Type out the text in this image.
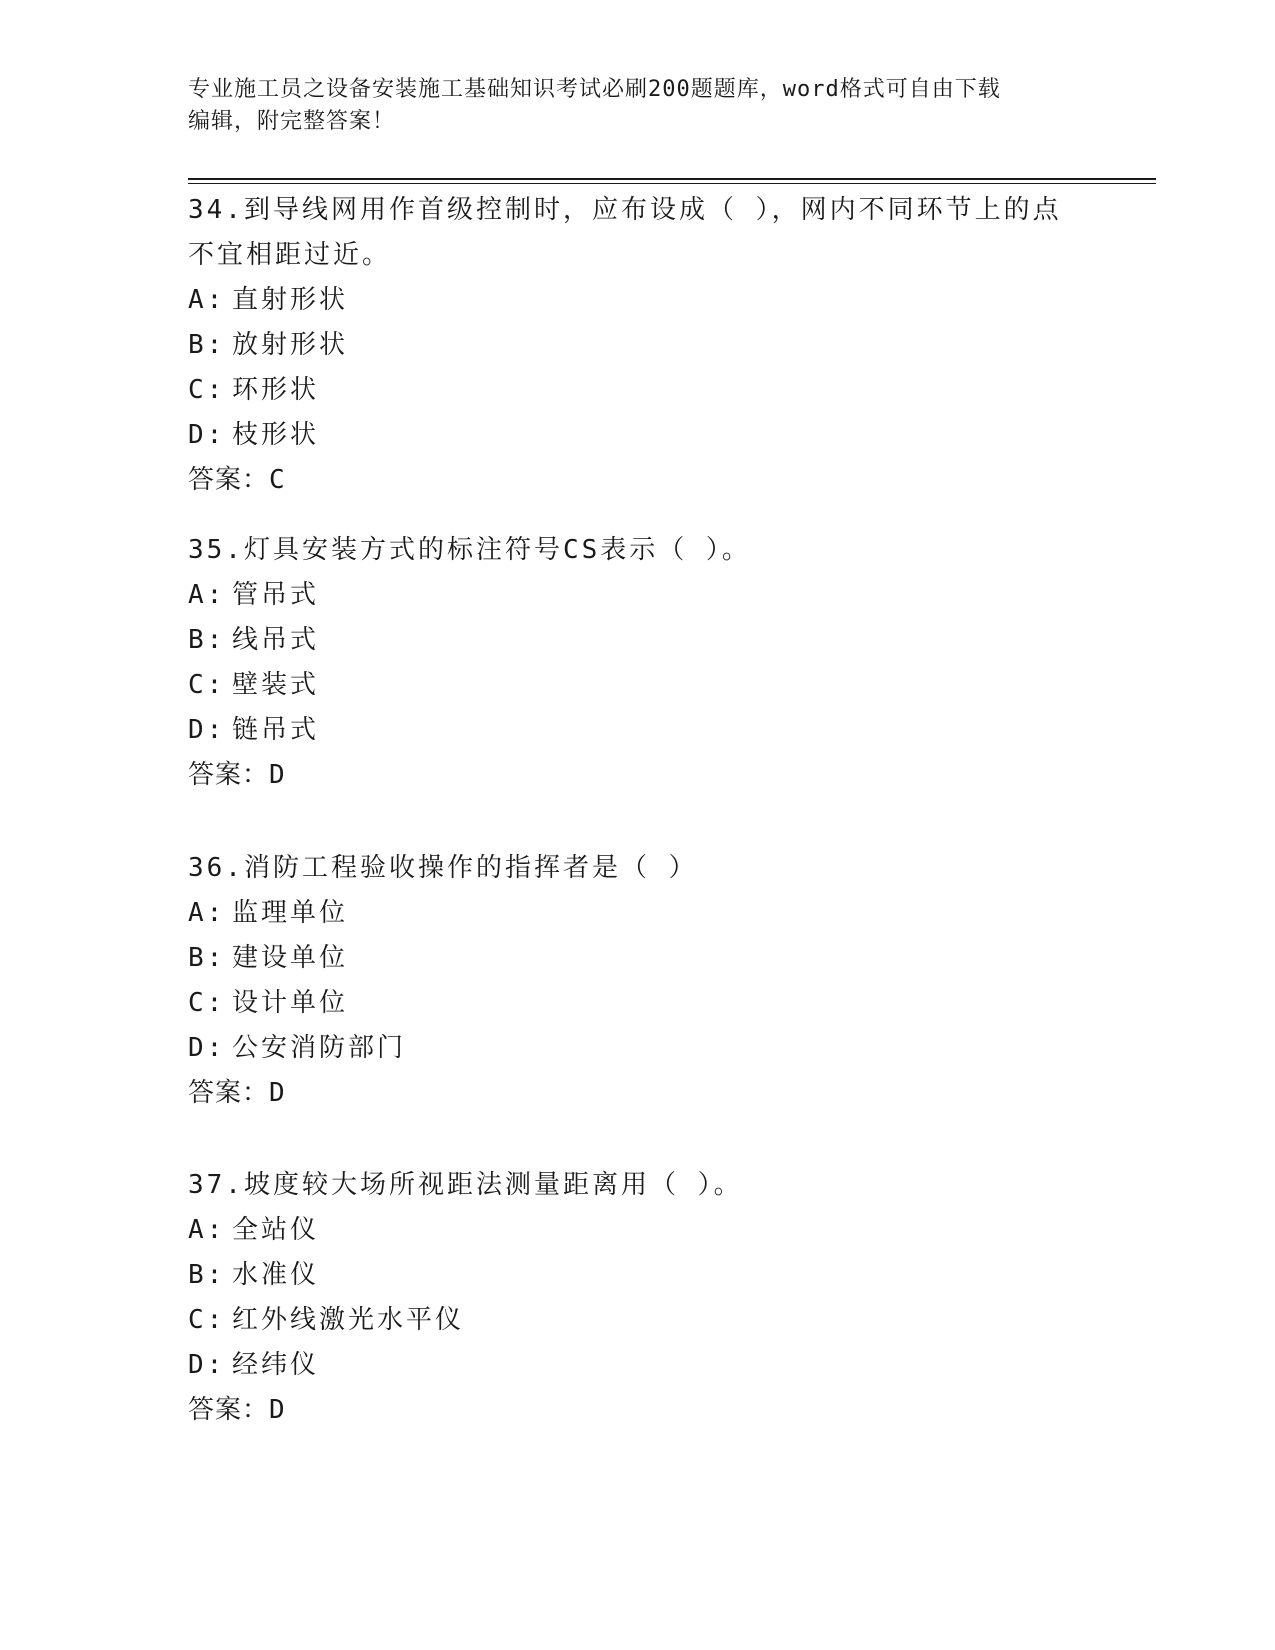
专业施工员之设备安装施工基础知识考试必刷200题题库，word格式可自由下载
编辑，附完整答案！
34.到导线网用作首级控制时，应布设成（ ），网内不同环节上的点
不宜相距过近。
A: 直射形状
B: 放射形状
C: 环形状
D: 枝形状
答案：C
35.灯具安装方式的标注符号CS表示（ ）。
A: 管吊式
B: 线吊式
C: 壁装式
D: 链吊式
答案：D
36.消防工程验收操作的指挥者是（ ）
A: 监理单位
B: 建设单位
C: 设计单位
D: 公安消防部门
答案：D
37.坡度较大场所视距法测量距离用（ ）。
A: 全站仪
B: 水准仪
C: 红外线激光水平仪
D: 经纬仪
答案：D
